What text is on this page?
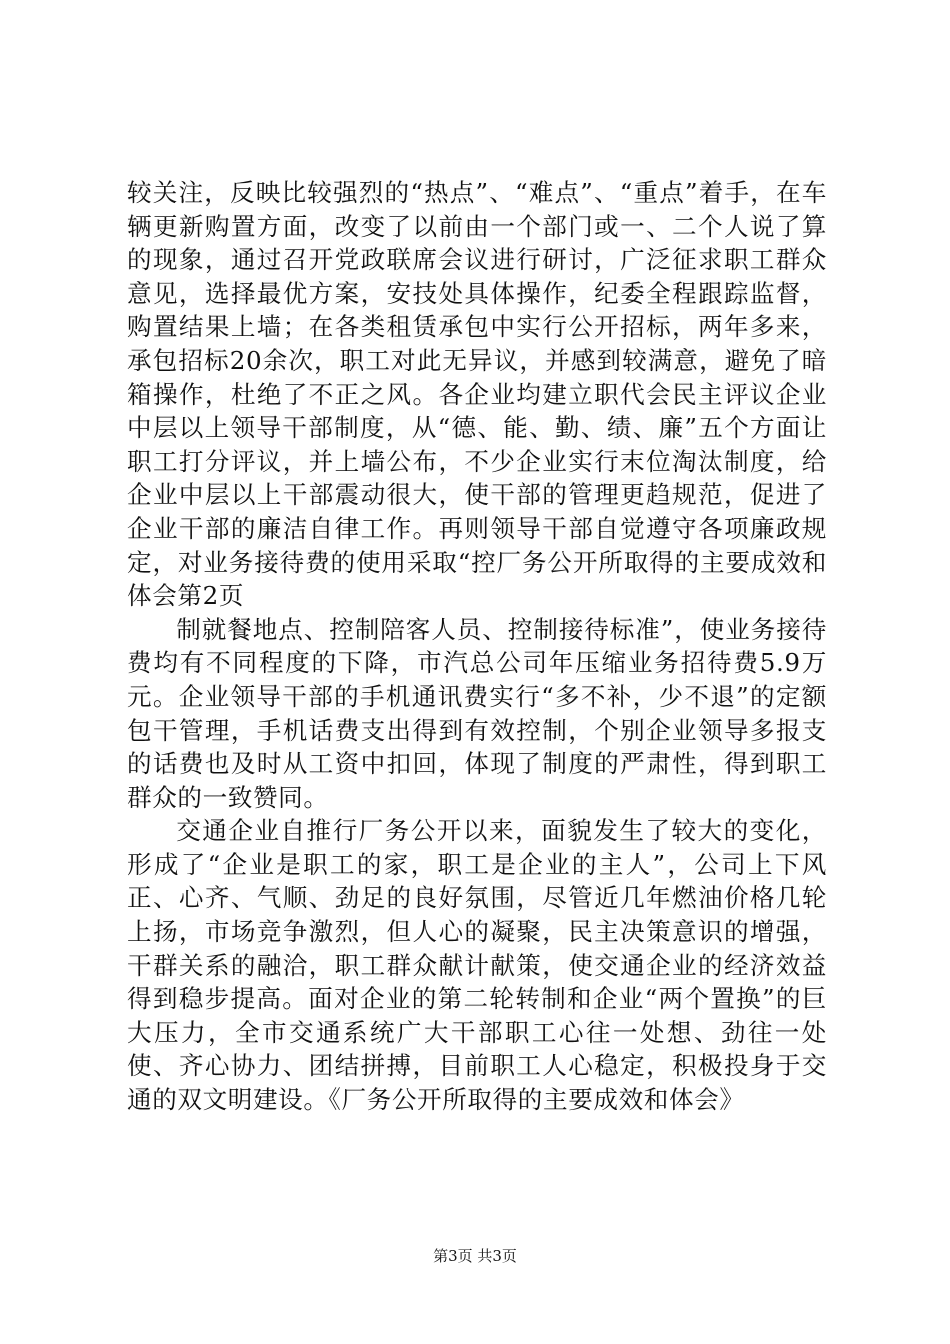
较关注，反映比较强烈的“热点”、“难点”、“重点”着手，在车辆更新购置方面，改变了以前由一个部门或一、二个人说了算的现象，通过召开党政联席会议进行研讨，广泛征求职工群众意见，选择最优方案，安技处具体操作，纪委全程跟踪监督，购置结果上墙；在各类租赁承包中实行公开招标，两年多来，承包招标20余次，职工对此无异议，并感到较满意，避免了暗箱操作，杜绝了不正之风。各企业均建立职代会民主评议企业中层以上领导干部制度，从“德、能、勤、绩、廉”五个方面让职工打分评议，并上墙公布，不少企业实行末位淘汰制度，给企业中层以上干部震动很大，使干部的管理更趋规范，促进了企业干部的廉洁自律工作。再则领导干部自觉遵守各项廉政规定，对业务接待费的使用采取“控厂务公开所取得的主要成效和体会第2页

制就餐地点、控制陪客人员、控制接待标准”，使业务接待费均有不同程度的下降，市汽总公司年压缩业务招待费5.9万元。企业领导干部的手机通讯费实行“多不补，少不退”的定额包干管理，手机话费支出得到有效控制，个别企业领导多报支的话费也及时从工资中扣回，体现了制度的严肃性，得到职工群众的一致赞同。

交通企业自推行厂务公开以来，面貌发生了较大的变化，形成了“企业是职工的家，职工是企业的主人”，公司上下风正、心齐、气顺、劲足的良好氛围，尽管近几年燃油价格几轮上扬，市场竞争激烈，但人心的凝聚，民主决策意识的增强，干群关系的融洽，职工群众献计献策，使交通企业的经济效益得到稳步提高。面对企业的第二轮转制和企业“两个置换”的巨大压力，全市交通系统广大干部职工心往一处想、劲往一处使、齐心协力、团结拼搏，目前职工人心稳定，积极投身于交通的双文明建设。《厂务公开所取得的主要成效和体会》

第3页 共3页
